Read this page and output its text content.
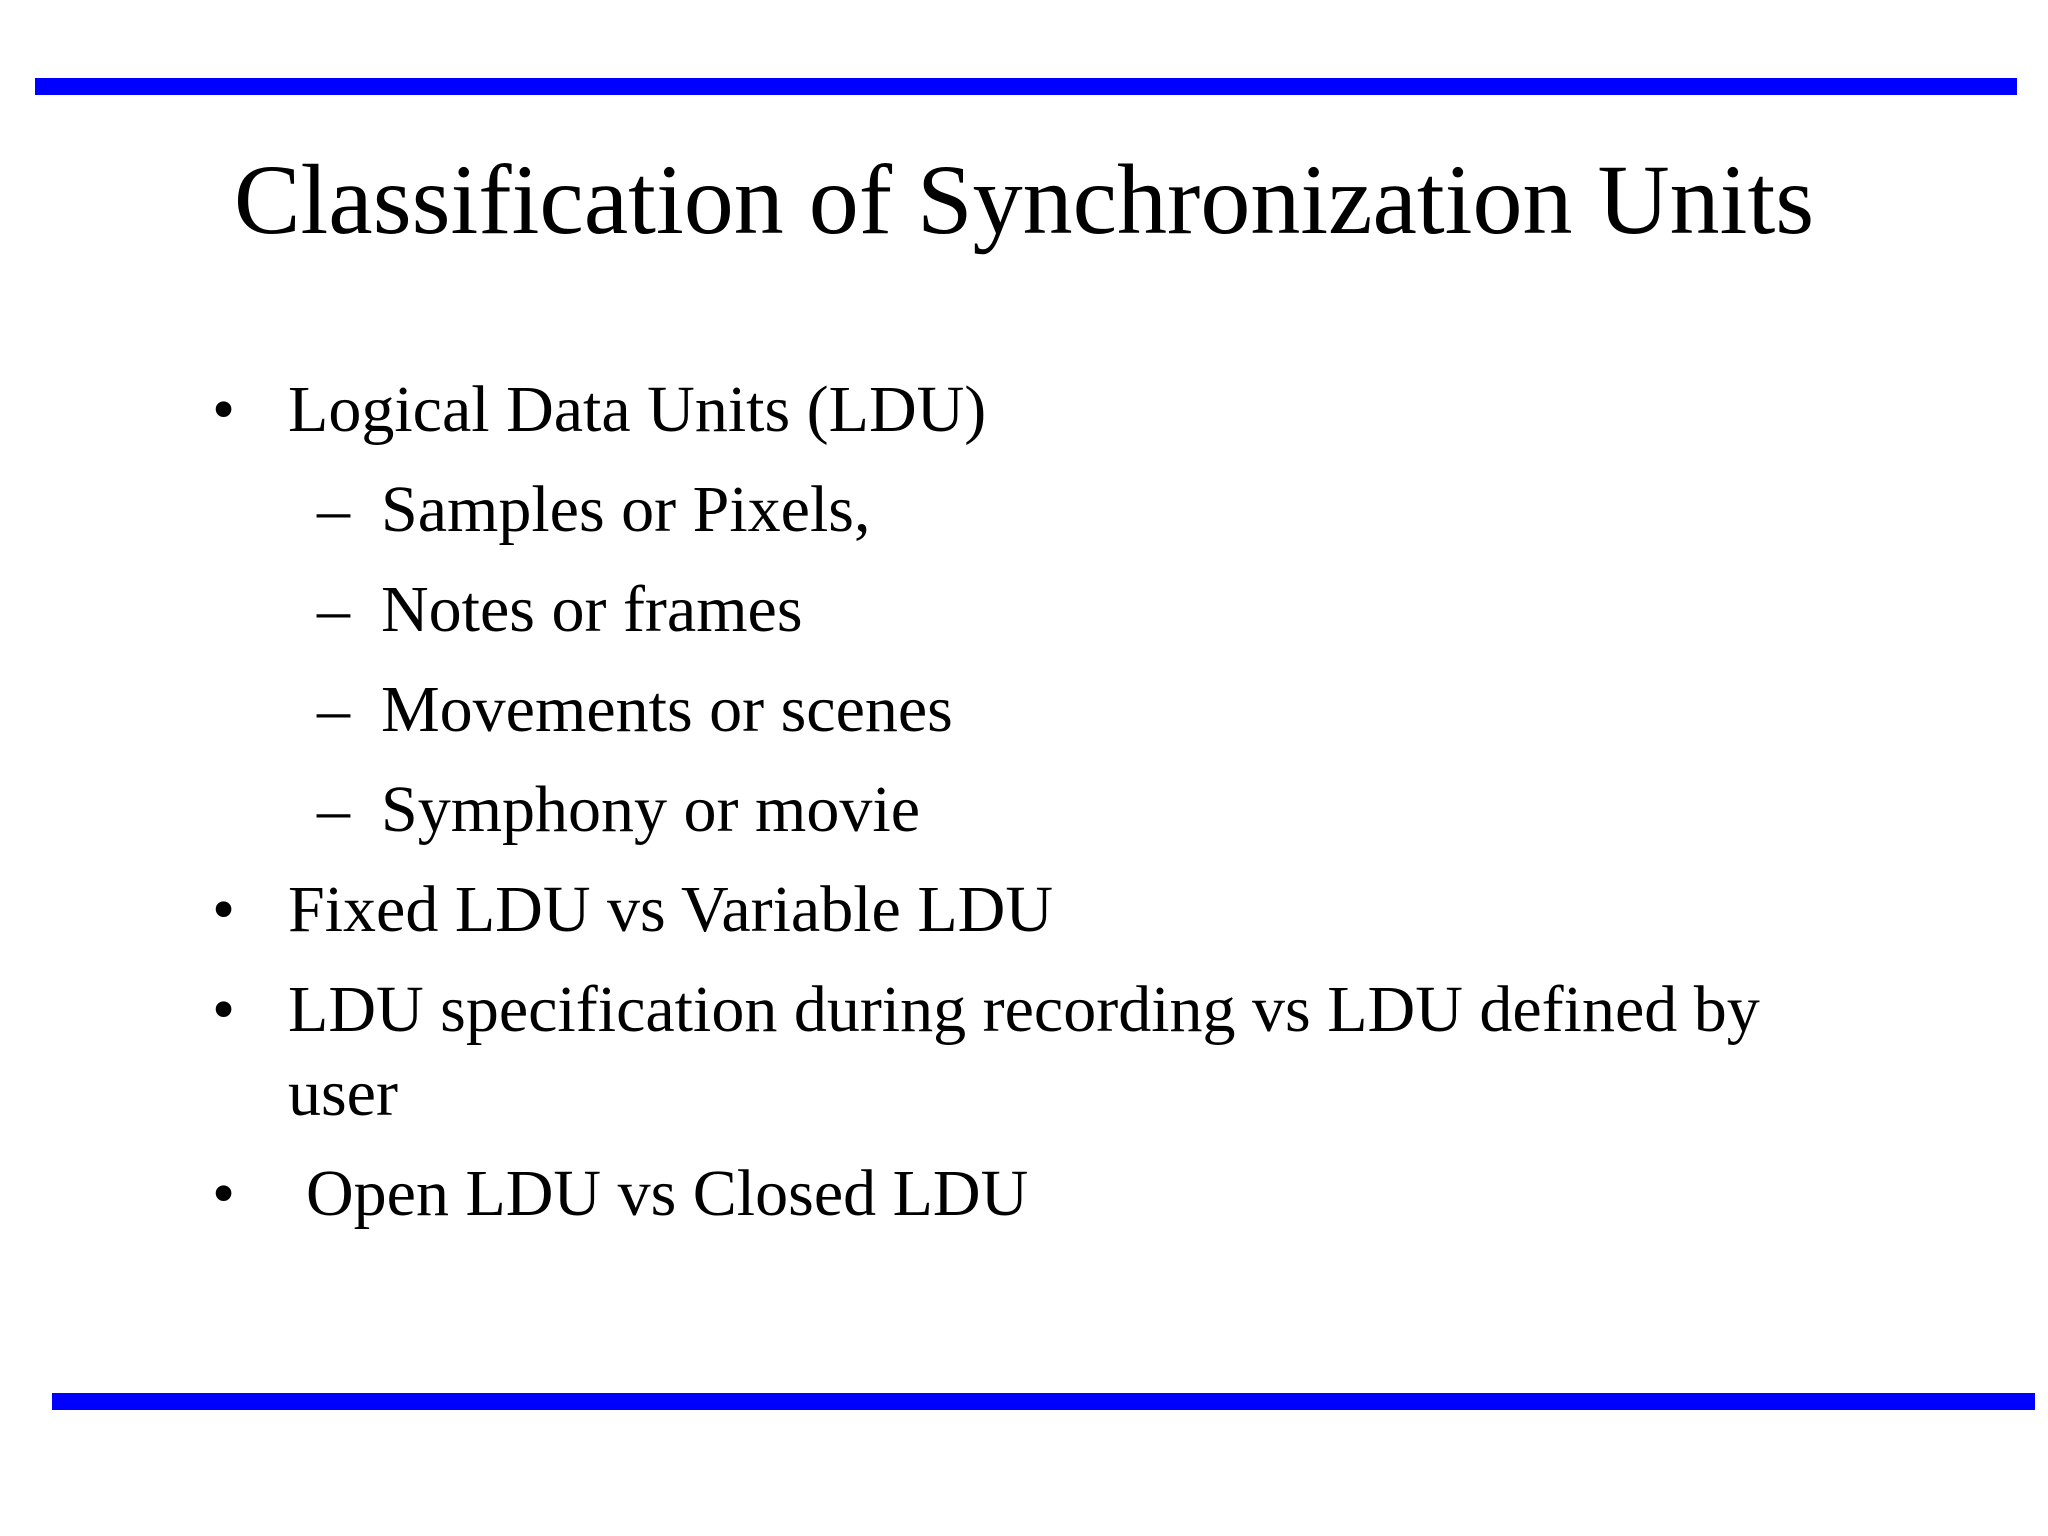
Classification of Synchronization Units
• Logical Data Units (LDU)
– Samples or Pixels,
– Notes or frames
– Movements or scenes
– Symphony or movie
• Fixed LDU vs Variable LDU
• LDU specification during recording vs LDU defined by user
• Open LDU vs Closed LDU
